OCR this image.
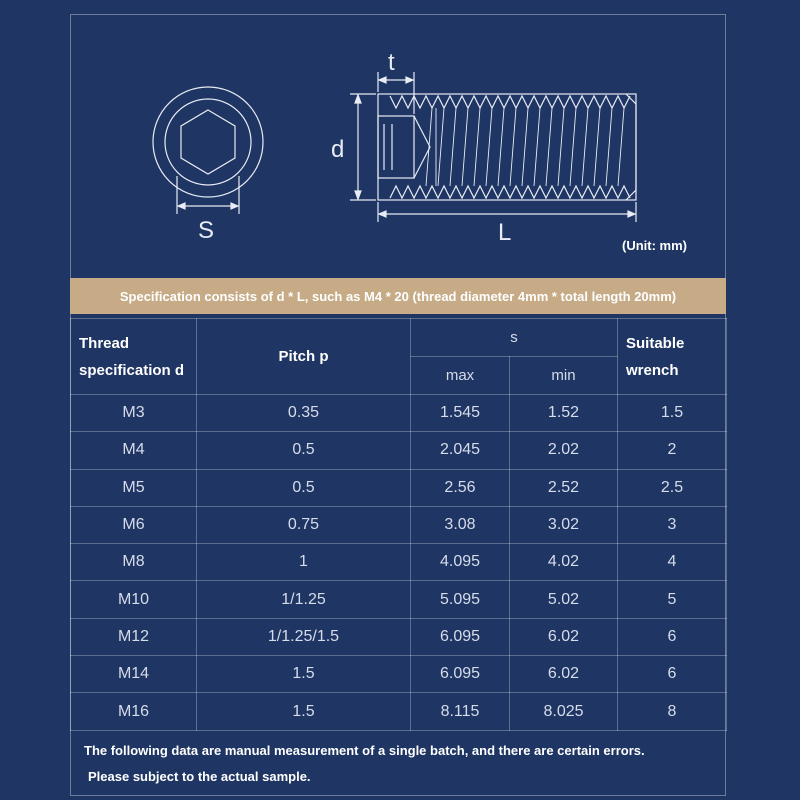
t
d
S	L	(Unit: mm)
Specification consists of d * L, such as M4 * 20 (thread diameter 4mm * total length 20mm)
Thread specification d	Pitch p	s		Suitable wrench
		max	min	
M3	0.35	1.545	1.52	1.5
M4	0.5	2.045	2.02	2
M5	0.5	2.56	2.52	2.5
M6	0.75	3.08	3.02	3
M8	1	4.095	4.02	4
M10	1/1.25	5.095	5.02	5
M12	1/1.25/1.5	6.095	6.02	6
M14	1.5	6.095	6.02	6
M16	1.5	8.115	8.025	8
The following data are manual measurement of a single batch, and there are certain errors.
Please subject to the actual sample.
